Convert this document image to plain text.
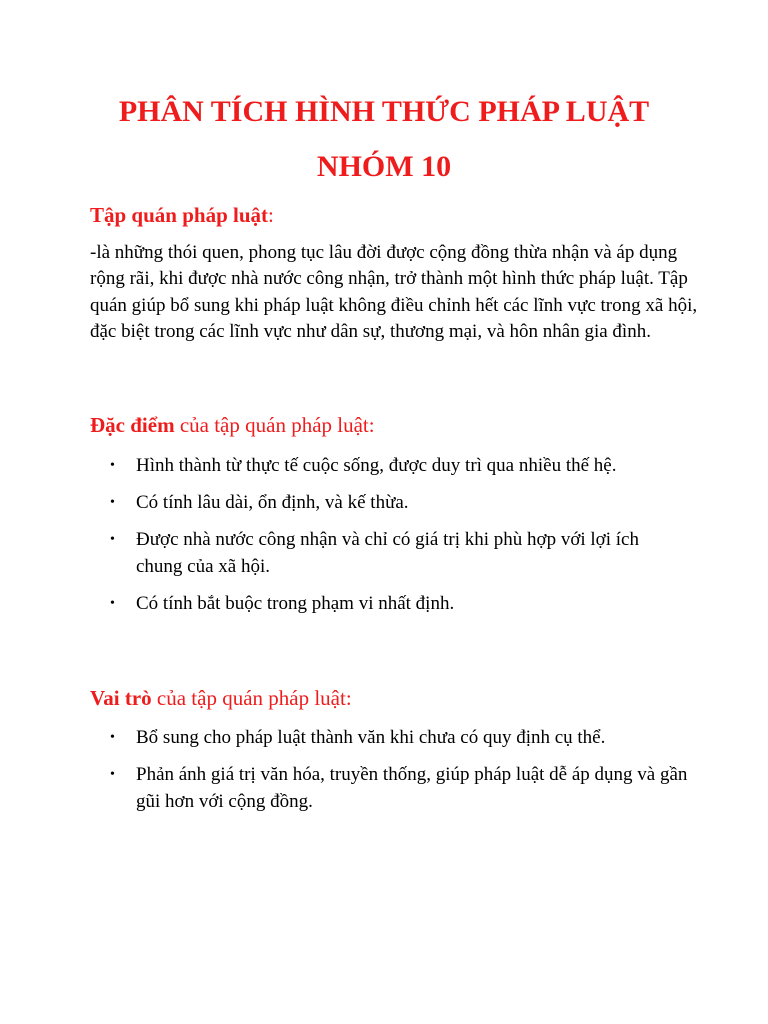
PHÂN TÍCH HÌNH THỨC PHÁP LUẬT
NHÓM 10
Tập quán pháp luật:

-là những thói quen, phong tục lâu đời được cộng đồng thừa nhận và áp dụng rộng rãi, khi được nhà nước công nhận, trở thành một hình thức pháp luật. Tập quán giúp bổ sung khi pháp luật không điều chỉnh hết các lĩnh vực trong xã hội, đặc biệt trong các lĩnh vực như dân sự, thương mại, và hôn nhân gia đình.

Đặc điểm của tập quán pháp luật:
• Hình thành từ thực tế cuộc sống, được duy trì qua nhiều thế hệ.
• Có tính lâu dài, ổn định, và kế thừa.
• Được nhà nước công nhận và chỉ có giá trị khi phù hợp với lợi ích chung của xã hội.
• Có tính bắt buộc trong phạm vi nhất định.
Vai trò của tập quán pháp luật:
• Bổ sung cho pháp luật thành văn khi chưa có quy định cụ thể.
• Phản ánh giá trị văn hóa, truyền thống, giúp pháp luật dễ áp dụng và gần gũi hơn với cộng đồng.
